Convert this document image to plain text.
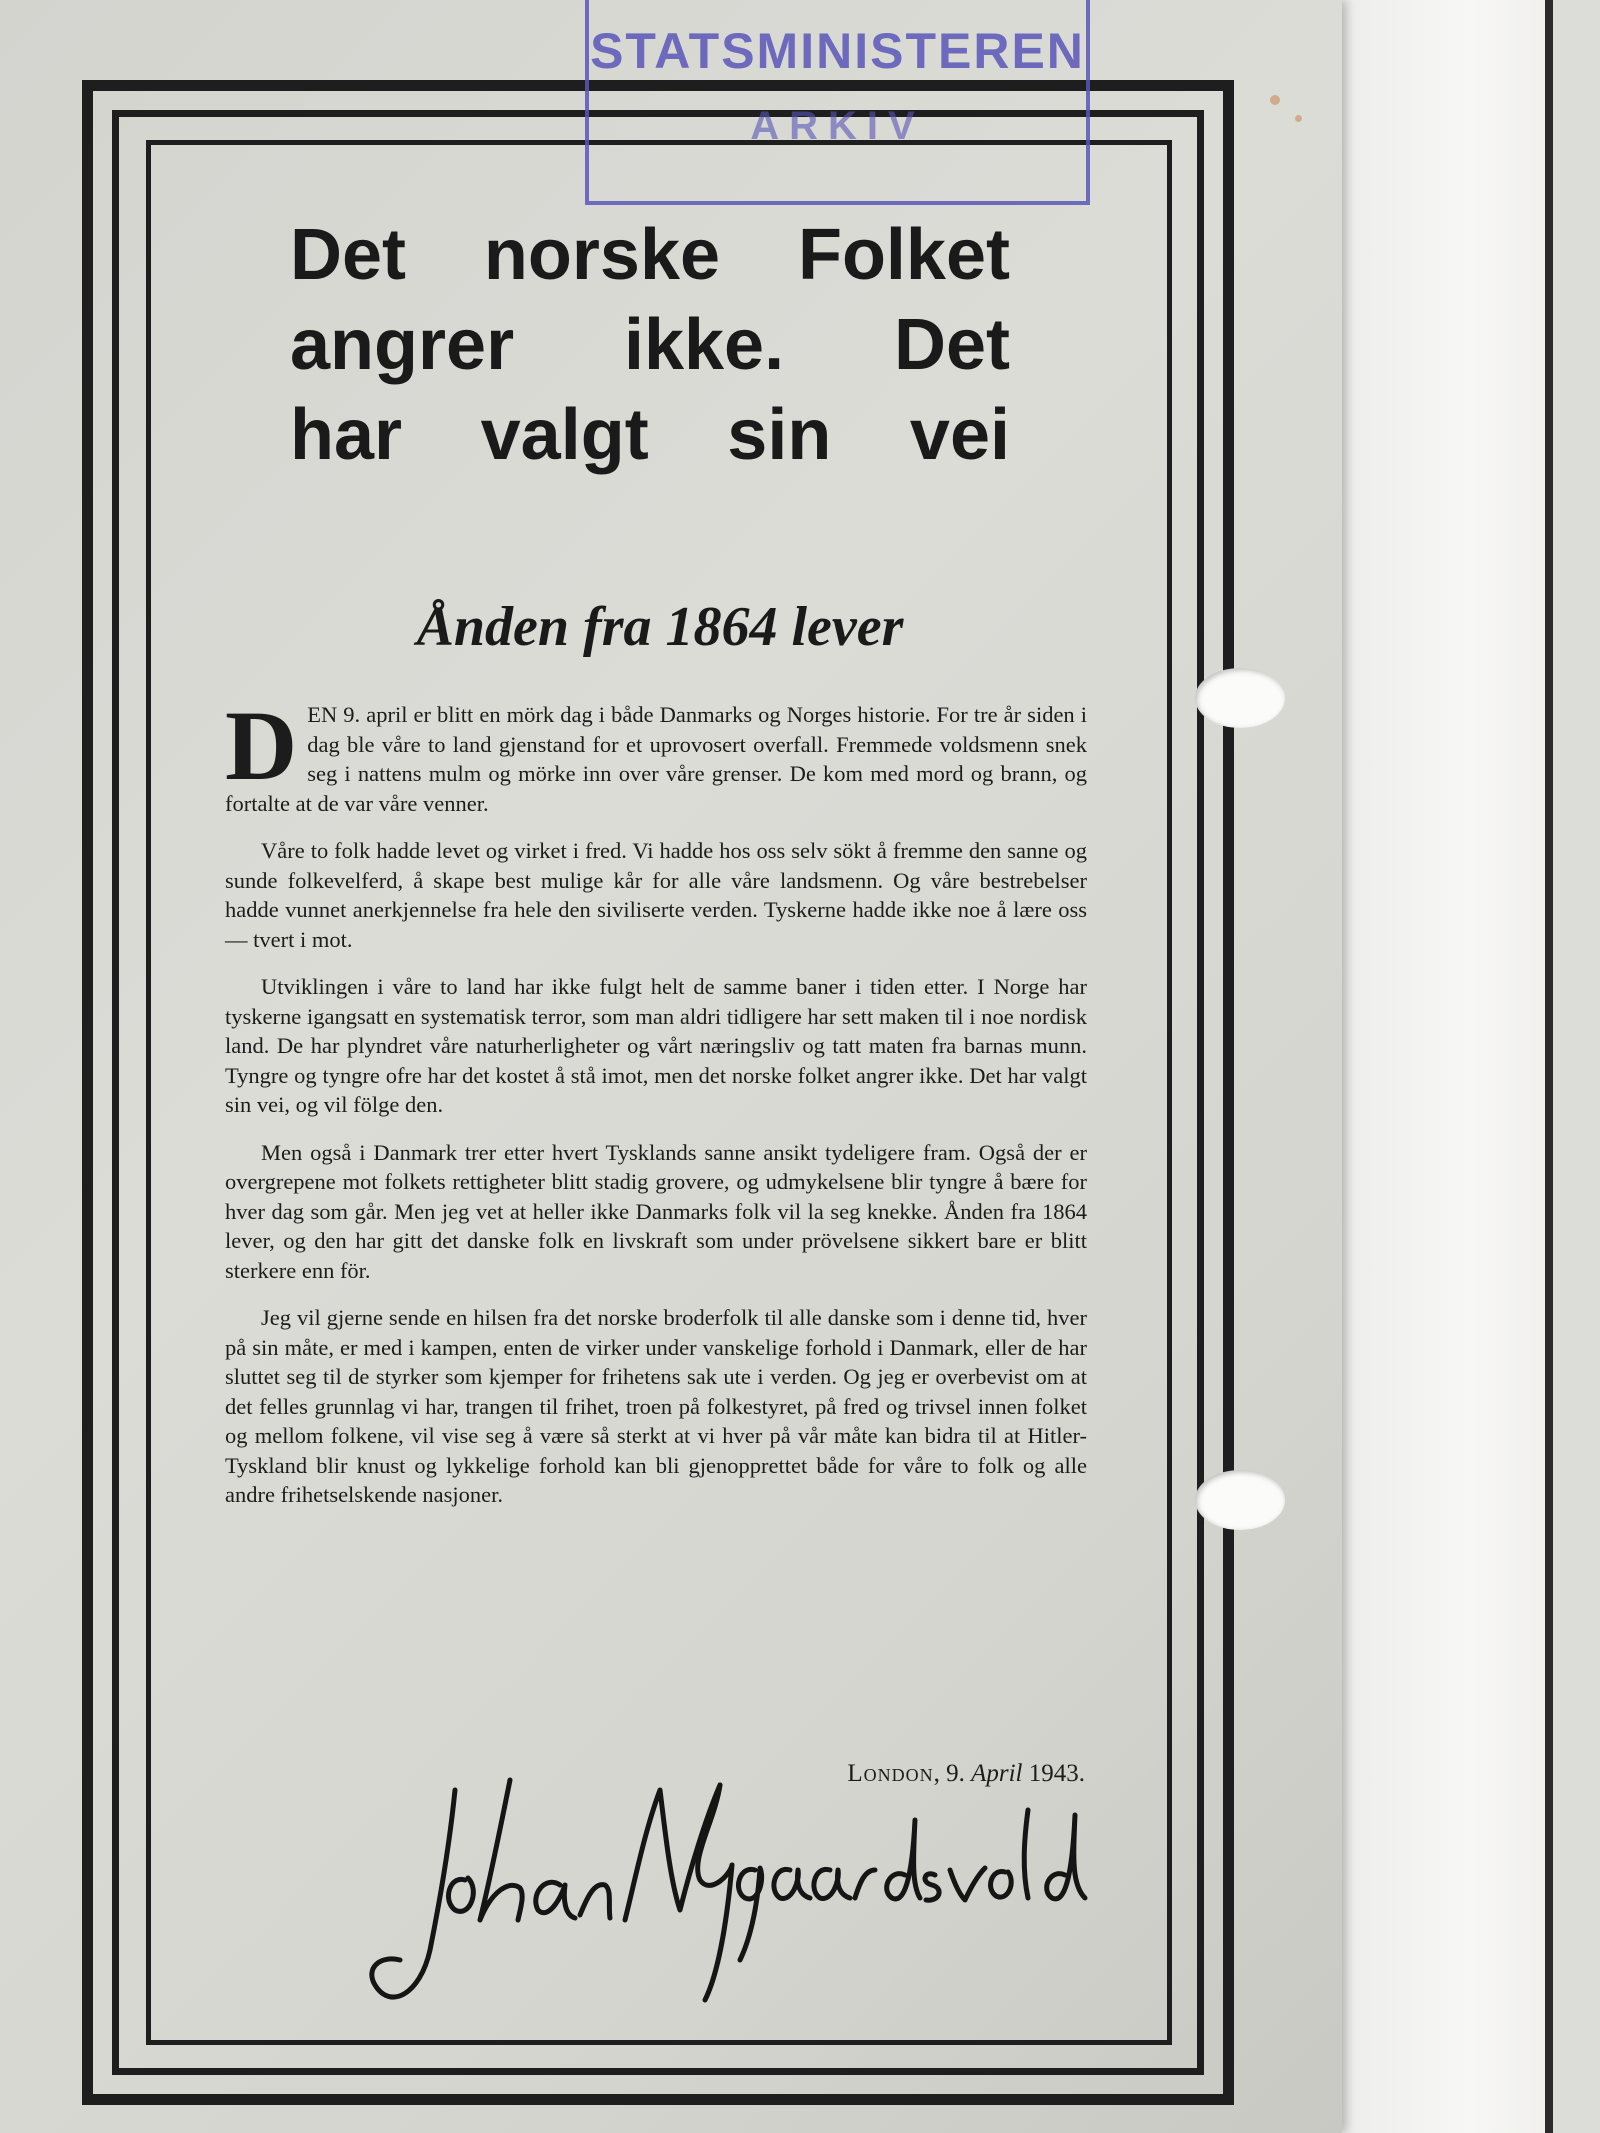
STATSMINISTEREN
ARKIV
Det norske Folket
angrer ikke. Det
har valgt sin vei
Ånden fra 1864 lever

DEN 9. april er blitt en mörk dag i både Danmarks og Norges historie. For tre år siden i dag ble våre to land gjenstand for et uprovosert overfall. Fremmede voldsmenn snek seg i nattens mulm og mörke inn over våre grenser. De kom med mord og brann, og fortalte at de var våre venner.

Våre to folk hadde levet og virket i fred. Vi hadde hos oss selv sökt å fremme den sanne og sunde folkevelferd, å skape best mulige kår for alle våre landsmenn. Og våre bestrebelser hadde vunnet anerkjennelse fra hele den siviliserte verden. Tyskerne hadde ikke noe å lære oss — tvert i mot.

Utviklingen i våre to land har ikke fulgt helt de samme baner i tiden etter. I Norge har tyskerne igangsatt en systematisk terror, som man aldri tidligere har sett maken til i noe nordisk land. De har plyndret våre naturherligheter og vårt næringsliv og tatt maten fra barnas munn. Tyngre og tyngre ofre har det kostet å stå imot, men det norske folket angrer ikke. Det har valgt sin vei, og vil fölge den.

Men også i Danmark trer etter hvert Tysklands sanne ansikt tydeligere fram. Også der er overgrepene mot folkets rettigheter blitt stadig grovere, og udmykelsene blir tyngre å bære for hver dag som går. Men jeg vet at heller ikke Danmarks folk vil la seg knekke. Ånden fra 1864 lever, og den har gitt det danske folk en livskraft som under prövelsene sikkert bare er blitt sterkere enn för.

Jeg vil gjerne sende en hilsen fra det norske broderfolk til alle danske som i denne tid, hver på sin måte, er med i kampen, enten de virker under vanskelige forhold i Danmark, eller de har sluttet seg til de styrker som kjemper for frihetens sak ute i verden. Og jeg er overbevist om at det felles grunnlag vi har, trangen til frihet, troen på folkestyret, på fred og trivsel innen folket og mellom folkene, vil vise seg å være så sterkt at vi hver på vår måte kan bidra til at Hitler-Tyskland blir knust og lykkelige forhold kan bli gjenopprettet både for våre to folk og alle andre frihetselskende nasjoner.

London, 9. April 1943.
